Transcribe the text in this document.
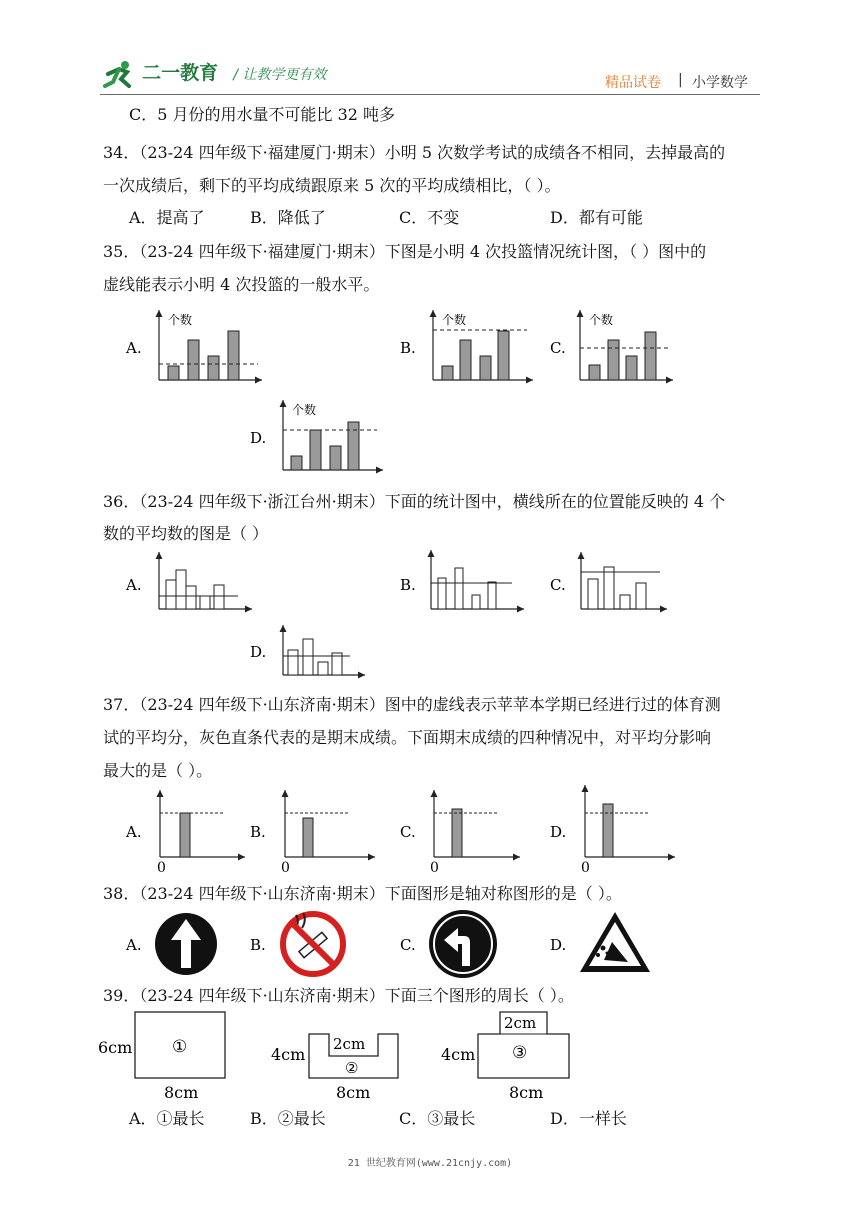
二一教育 / 让教学更有效	精品试卷 | 小学数学
C．5 月份的用水量不可能比 32 吨多
34．（23-24 四年级下·福建厦门·期末）小明 5 次数学考试的成绩各不相同，去掉最高的
一次成绩后，剩下的平均成绩跟原来 5 次的平均成绩相比，（ ）。
A．提高了	B．降低了	C．不变	D．都有可能
35．（23-24 四年级下·福建厦门·期末）下图是小明 4 次投篮情况统计图，（ ）图中的
虚线能表示小明 4 次投篮的一般水平。
A.
个数
B.
个数
C.
个数
D.
个数
A.	B.	C.
D.
A.
0
B.
0
C.
0
D.
0
A.	B.	C.	D.
6cm ①
8cm
4cm
2cm
②
8cm
4cm
2cm
③
8cm
36．（23-24 四年级下·浙江台州·期末）下面的统计图中，横线所在的位置能反映的 4 个
数的平均数的图是（ ）
37．（23-24 四年级下·山东济南·期末）图中的虚线表示苹苹本学期已经进行过的体育测
试的平均分，灰色直条代表的是期末成绩。下面期末成绩的四种情况中，对平均分影响
最大的是（ ）。
38．（23-24 四年级下·山东济南·期末）下面图形是轴对称图形的是（ ）。
39．（23-24 四年级下·山东济南·期末）下面三个图形的周长（ ）。
A．①最长	B．②最长	C．③最长	D．一样长
21 世纪教育网(www.21cnjy.com)
